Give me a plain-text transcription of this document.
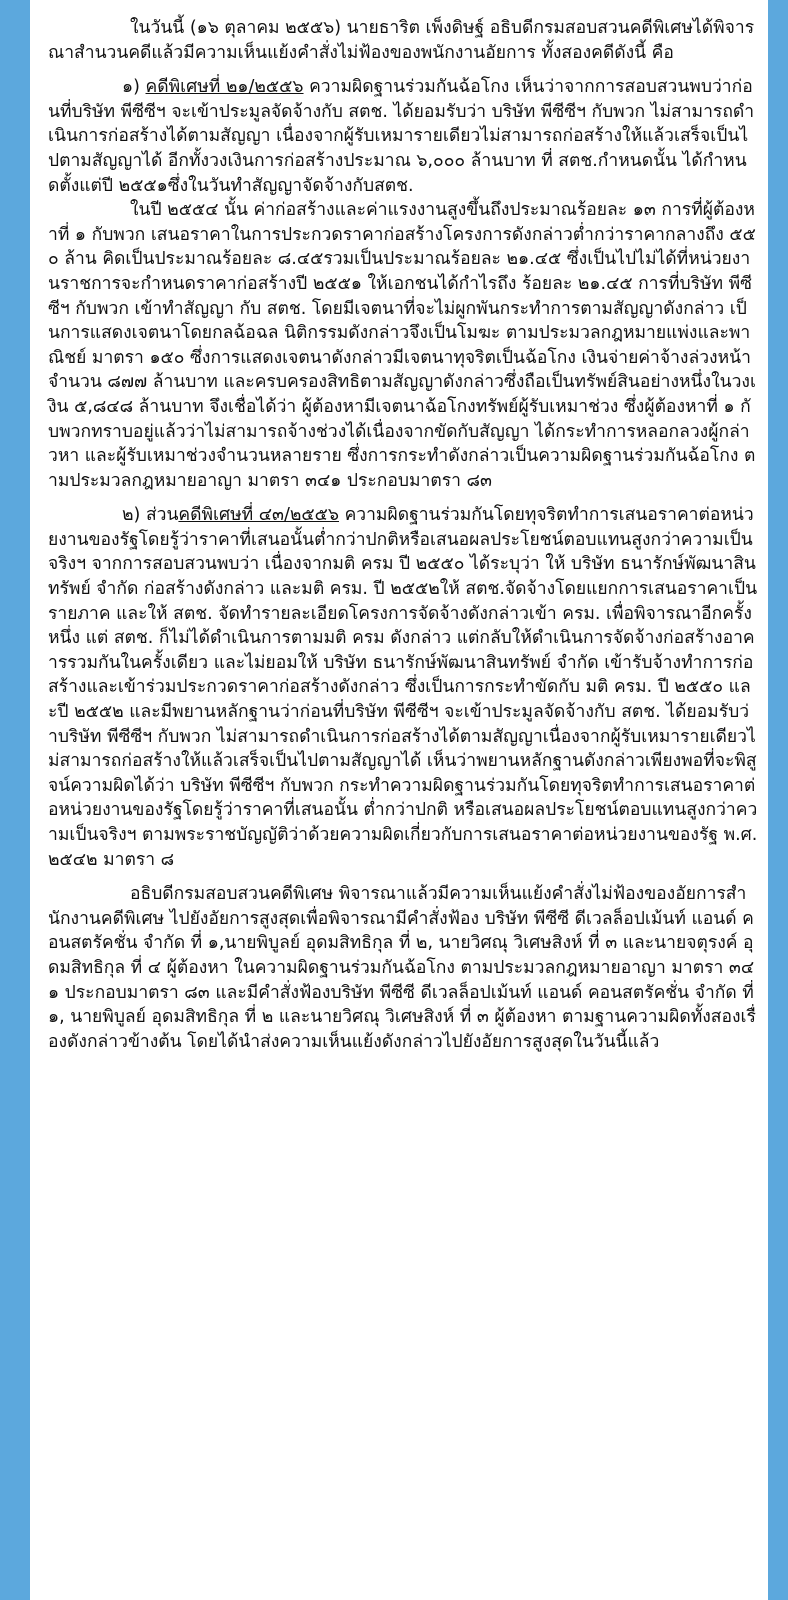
ในวันนี้ (๑๖ ตุลาคม ๒๕๕๖) นายธาริต เพ็งดิษฐ์ อธิบดีกรมสอบสวนคดีพิเศษได้พิจารณาสำนวนคดีแล้วมีความเห็นแย้งคำสั่งไม่ฟ้องของพนักงานอัยการ ทั้งสองคดีดังนี้ คือ

๑) คดีพิเศษที่ ๒๑/๒๕๕๖ ความผิดฐานร่วมกันฉ้อโกง เห็นว่าจากการสอบสวนพบว่าก่อนที่บริษัท พีซีซีฯ จะเข้าประมูลจัดจ้างกับ สตช. ได้ยอมรับว่า บริษัท พีซีซีฯ กับพวก ไม่สามารถดำเนินการก่อสร้างได้ตามสัญญา เนื่องจากผู้รับเหมารายเดียวไม่สามารถก่อสร้างให้แล้วเสร็จเป็นไปตามสัญญาได้ อีกทั้งวงเงินการก่อสร้างประมาณ ๖,๐๐๐ ล้านบาท ที่ สตช.กำหนดนั้น ได้กำหนดตั้งแต่ปี ๒๕๕๑ซึ่งในวันทำสัญญาจัดจ้างกับสตช.

ในปี ๒๕๕๔ นั้น ค่าก่อสร้างและค่าแรงงานสูงขึ้นถึงประมาณร้อยละ ๑๓ การที่ผู้ต้องหาที่ ๑ กับพวก เสนอราคาในการประกวดราคาก่อสร้างโครงการดังกล่าวต่ำกว่าราคากลางถึง ๕๕๐ ล้าน คิดเป็นประมาณร้อยละ ๘.๔๕รวมเป็นประมาณร้อยละ ๒๑.๔๕ ซึ่งเป็นไปไม่ได้ที่หน่วยงานราชการจะกำหนดราคาก่อสร้างปี ๒๕๕๑ ให้เอกชนได้กำไรถึง ร้อยละ ๒๑.๔๕ การที่บริษัท พีซีซีฯ กับพวก เข้าทำสัญญา กับ สตช. โดยมีเจตนาที่จะไม่ผูกพันกระทำการตามสัญญาดังกล่าว เป็นการแสดงเจตนาโดยกลฉ้อฉล นิติกรรมดังกล่าวจึงเป็นโมฆะ ตามประมวลกฎหมายแพ่งและพาณิชย์ มาตรา ๑๕๐ ซึ่งการแสดงเจตนาดังกล่าวมีเจตนาทุจริตเป็นฉ้อโกง เงินจ่ายค่าจ้างล่วงหน้าจำนวน ๘๗๗ ล้านบาท และครบครองสิทธิตามสัญญาดังกล่าวซึ่งถือเป็นทรัพย์สินอย่างหนึ่งในวงเงิน ๕,๘๔๘ ล้านบาท จึงเชื่อได้ว่า ผู้ต้องหามีเจตนาฉ้อโกงทรัพย์ผู้รับเหมาช่วง ซึ่งผู้ต้องหาที่ ๑ กับพวกทราบอยู่แล้วว่าไม่สามารถจ้างช่วงได้เนื่องจากขัดกับสัญญา ได้กระทำการหลอกลวงผู้กล่าวหา และผู้รับเหมาช่วงจำนวนหลายราย ซึ่งการกระทำดังกล่าวเป็นความผิดฐานร่วมกันฉ้อโกง ตามประมวลกฎหมายอาญา มาตรา ๓๔๑ ประกอบมาตรา ๘๓

๒) ส่วนคดีพิเศษที่ ๔๓/๒๕๕๖ ความผิดฐานร่วมกันโดยทุจริตทำการเสนอราคาต่อหน่วยงานของรัฐโดยรู้ว่าราคาที่เสนอนั้นต่ำกว่าปกติหรือเสนอผลประโยชน์ตอบแทนสูงกว่าความเป็นจริงฯ จากการสอบสวนพบว่า เนื่องจากมติ ครม ปี ๒๕๕๐ ได้ระบุว่า ให้ บริษัท ธนารักษ์พัฒนาสินทรัพย์ จำกัด ก่อสร้างดังกล่าว และมติ ครม. ปี ๒๕๕๒ให้ สตช.จัดจ้างโดยแยกการเสนอราคาเป็นรายภาค และให้ สตช. จัดทำรายละเอียดโครงการจัดจ้างดังกล่าวเข้า ครม. เพื่อพิจารณาอีกครั้งหนึ่ง แต่ สตช. ก็ไม่ได้ดำเนินการตามมติ ครม ดังกล่าว แต่กลับให้ดำเนินการจัดจ้างก่อสร้างอาคารรวมกันในครั้งเดียว และไม่ยอมให้ บริษัท ธนารักษ์พัฒนาสินทรัพย์ จำกัด เข้ารับจ้างทำการก่อสร้างและเข้าร่วมประกวดราคาก่อสร้างดังกล่าว ซึ่งเป็นการกระทำขัดกับ มติ ครม. ปี ๒๕๕๐ และปี ๒๕๕๒ และมีพยานหลักฐานว่าก่อนที่บริษัท พีซีซีฯ จะเข้าประมูลจัดจ้างกับ สตช. ได้ยอมรับว่าบริษัท พีซีซีฯ กับพวก ไม่สามารถดำเนินการก่อสร้างได้ตามสัญญาเนื่องจากผู้รับเหมารายเดียวไม่สามารถก่อสร้างให้แล้วเสร็จเป็นไปตามสัญญาได้ เห็นว่าพยานหลักฐานดังกล่าวเพียงพอที่จะพิสูจน์ความผิดได้ว่า บริษัท พีซีซีฯ กับพวก กระทำความผิดฐานร่วมกันโดยทุจริตทำการเสนอราคาต่อหน่วยงานของรัฐโดยรู้ว่าราคาที่เสนอนั้น ต่ำกว่าปกติ หรือเสนอผลประโยชน์ตอบแทนสูงกว่าความเป็นจริงฯ ตามพระราชบัญญัติว่าด้วยความผิดเกี่ยวกับการเสนอราคาต่อหน่วยงานของรัฐ พ.ศ.๒๕๔๒ มาตรา ๘

อธิบดีกรมสอบสวนคดีพิเศษ พิจารณาแล้วมีความเห็นแย้งคำสั่งไม่ฟ้องของอัยการสำนักงานคดีพิเศษ ไปยังอัยการสูงสุดเพื่อพิจารณามีคำสั่งฟ้อง บริษัท พีซีซี ดีเวลล็อปเม้นท์ แอนด์ คอนสตรัคชั่น จำกัด ที่ ๑,นายพิบูลย์ อุดมสิทธิกุล ที่ ๒, นายวิศณุ วิเศษสิงห์ ที่ ๓ และนายจตุรงค์ อุดมสิทธิกุล ที่ ๔ ผู้ต้องหา ในความผิดฐานร่วมกันฉ้อโกง ตามประมวลกฎหมายอาญา มาตรา ๓๔๑ ประกอบมาตรา ๘๓ และมีคำสั่งฟ้องบริษัท พีซีซี ดีเวลล็อปเม้นท์ แอนด์ คอนสตรัคชั่น จำกัด ที่ ๑, นายพิบูลย์ อุดมสิทธิกุล ที่ ๒ และนายวิศณุ วิเศษสิงห์ ที่ ๓ ผู้ต้องหา ตามฐานความผิดทั้งสองเรื่องดังกล่าวข้างต้น โดยได้นำส่งความเห็นแย้งดังกล่าวไปยังอัยการสูงสุดในวันนี้แล้ว
